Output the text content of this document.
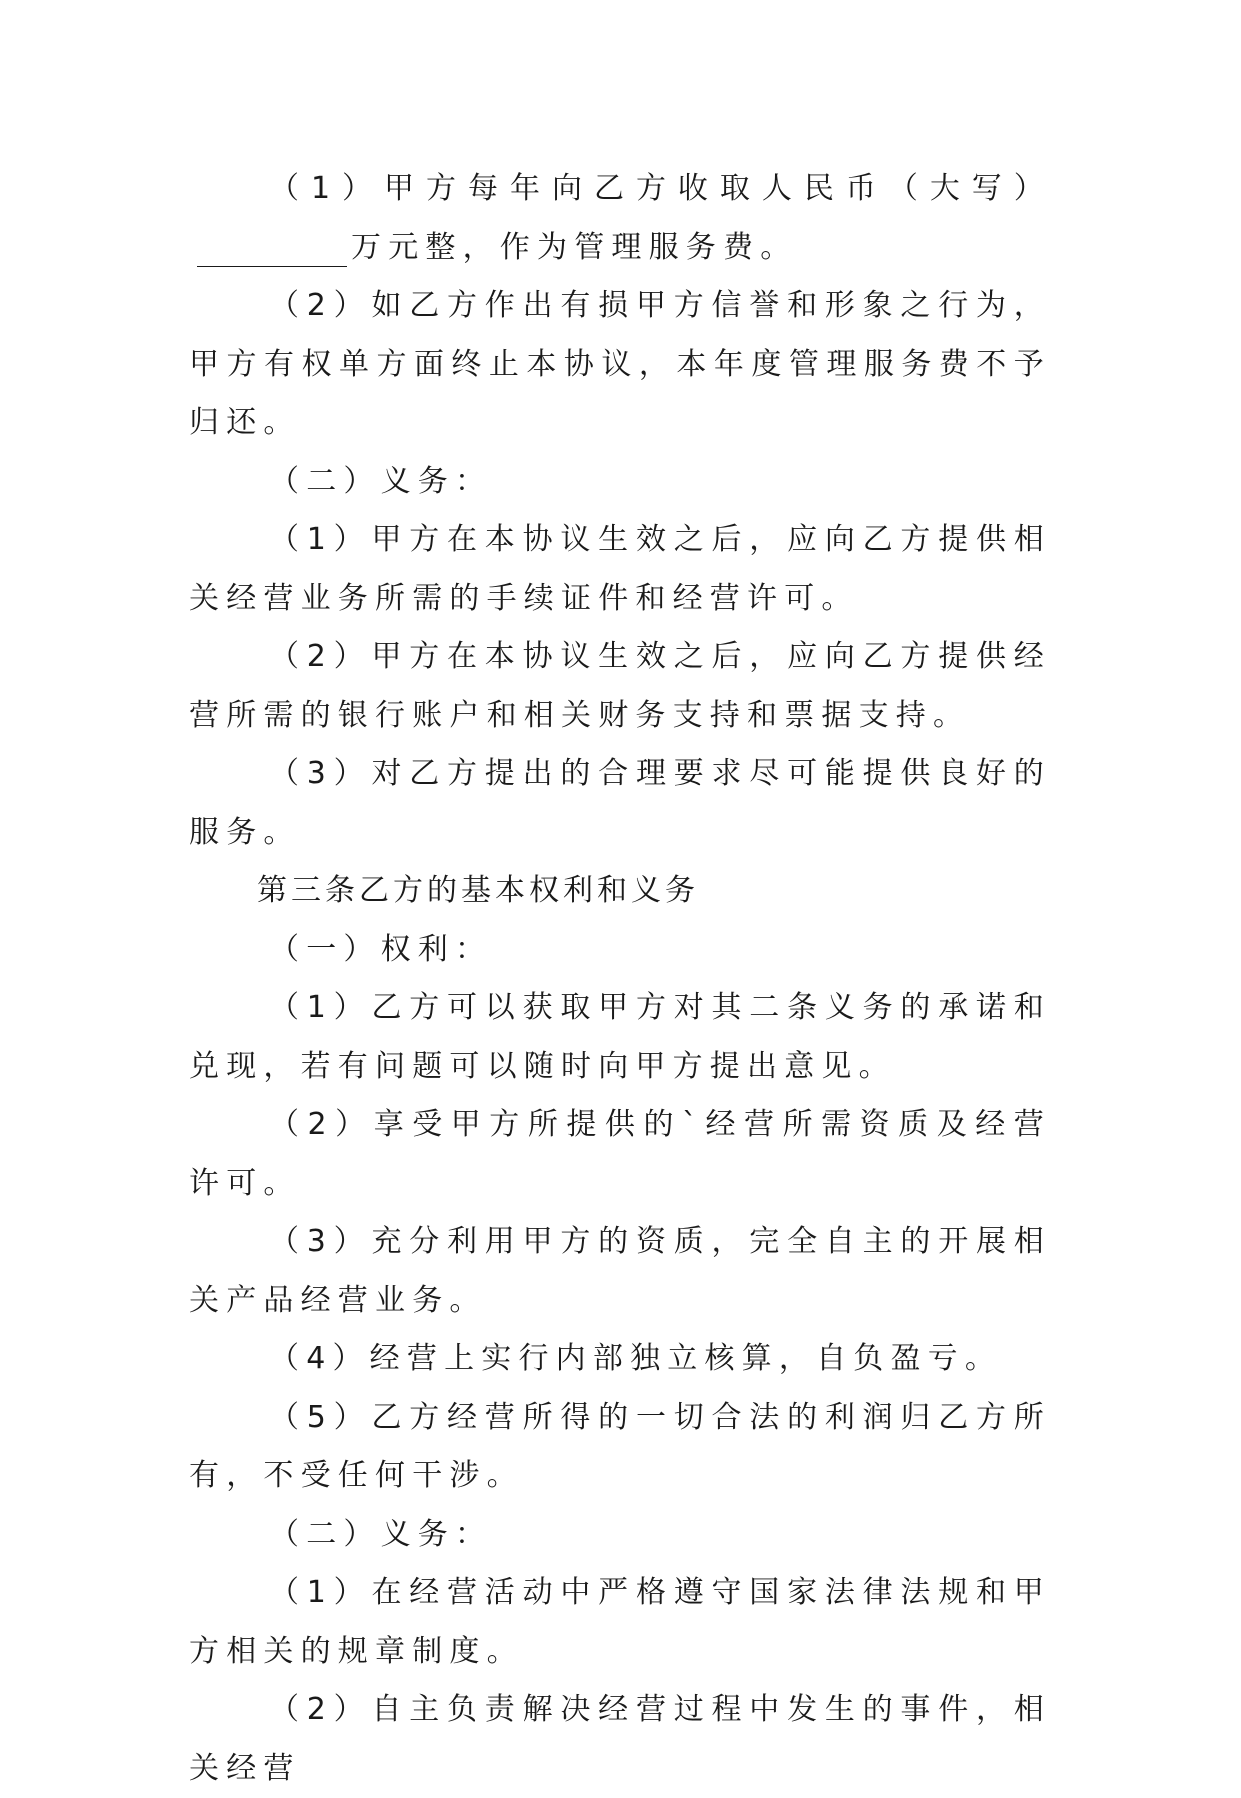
（1）甲方每年向乙方收取人民币（大写）万元整，作为管理服务费。

（2）如乙方作出有损甲方信誉和形象之行为，甲方有权单方面终止本协议，本年度管理服务费不予归还。

（二）义务：

（1）甲方在本协议生效之后，应向乙方提供相关经营业务所需的手续证件和经营许可。

（2）甲方在本协议生效之后，应向乙方提供经营所需的银行账户和相关财务支持和票据支持。

（3）对乙方提出的合理要求尽可能提供良好的服务。

第三条乙方的基本权利和义务

（一）权利：

（1）乙方可以获取甲方对其二条义务的承诺和兑现，若有问题可以随时向甲方提出意见。

（2）享受甲方所提供的`经营所需资质及经营许可。

（3）充分利用甲方的资质，完全自主的开展相关产品经营业务。

（4）经营上实行内部独立核算，自负盈亏。

（5）乙方经营所得的一切合法的利润归乙方所有，不受任何干涉。

（二）义务：

（1）在经营活动中严格遵守国家法律法规和甲方相关的规章制度。

（2）自主负责解决经营过程中发生的事件，相关经营
